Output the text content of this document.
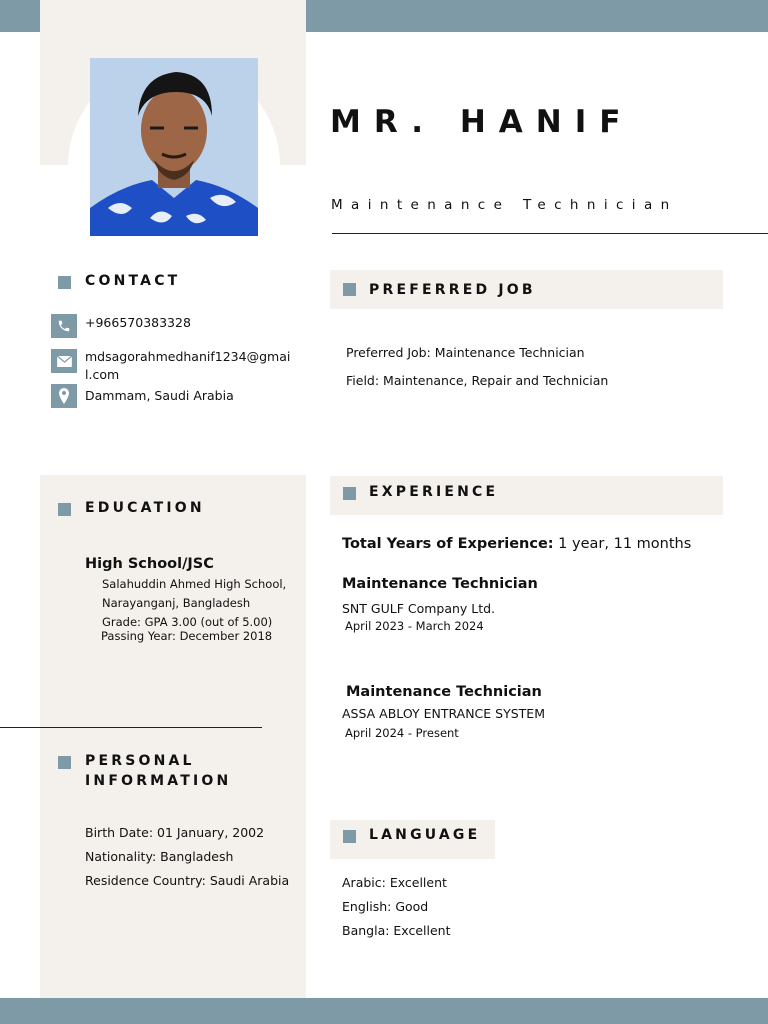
MR. HANIF
Maintenance Technician
CONTACT
+966570383328
mdsagorahmedhanif1234@gmai
l.com
Dammam, Saudi Arabia
EDUCATION
High School/JSC
Salahuddin Ahmed High School,
Narayanganj, Bangladesh
Grade: GPA 3.00 (out of 5.00)
Passing Year: December 2018
PERSONAL
INFORMATION
Birth Date: 01 January, 2002
Nationality: Bangladesh
Residence Country: Saudi Arabia
PREFERRED JOB
Preferred Job: Maintenance Technician
Field: Maintenance, Repair and Technician
EXPERIENCE
Total Years of Experience: 1 year, 11 months
Maintenance Technician
SNT GULF Company Ltd.
April 2023 - March 2024
Maintenance Technician
ASSA ABLOY ENTRANCE SYSTEM
April 2024 - Present
LANGUAGE
Arabic: Excellent
English: Good
Bangla: Excellent
